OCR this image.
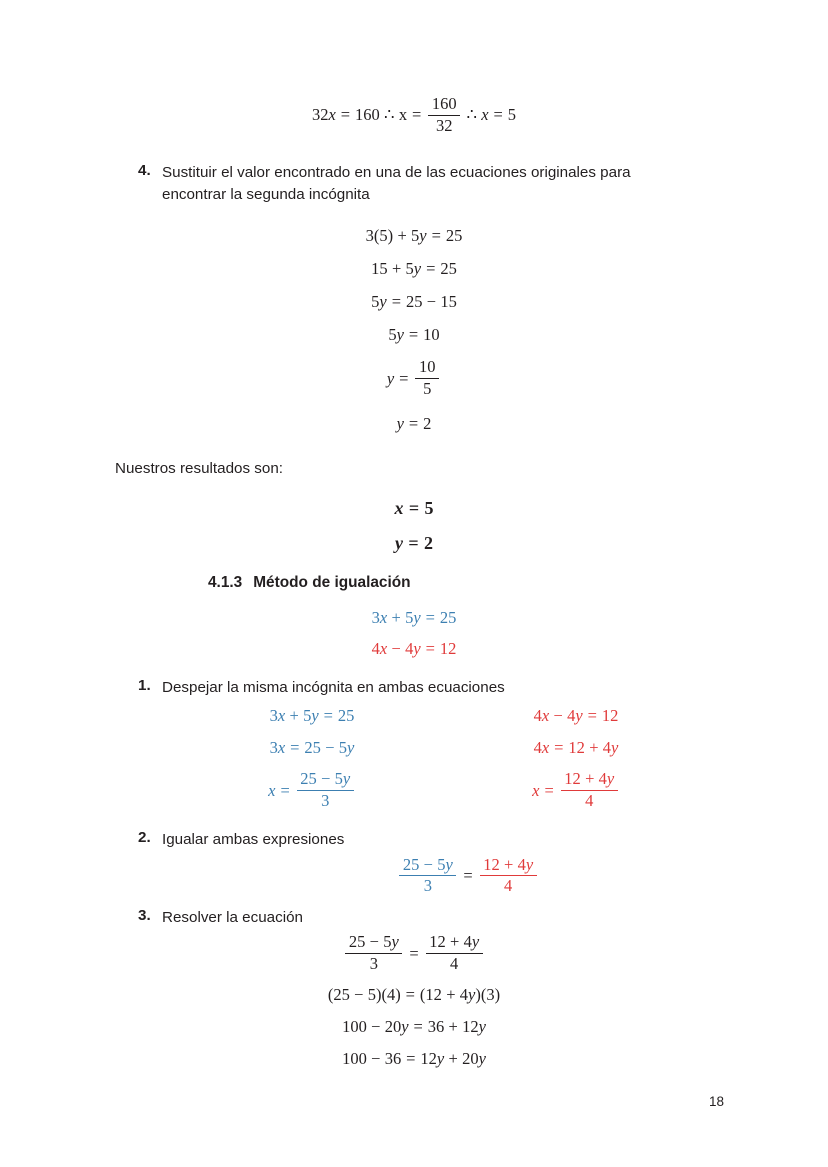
32 x = 160 ∴ $x = \frac{160}{32}$ ∴ x = 5
4. Sustituir el valor encontrado en una de las ecuaciones originales para encontrar la segunda incógnita
3(5) + 5 y = 25
15 + 5 y = 25
5 y = 25 − 15
5 y = 10
$y = \frac{10}{5}$
y = 2
Nuestros resultados son:
x = 5
y = 2
4.1.3 Método de igualación
3 x + 5 y = 25
4 x − 4 y = 12
1. Despejar la misma incógnita en ambas ecuaciones
3 x + 5 y = 25	4 x − 4 y = 12
3 x = 25 − 5 y	4 x = 12 + 4 y
$x = \frac{25 - 5y}{3}$	$x = \frac{12 + 4y}{4}$
2. Igualar ambas expresiones
$\frac{25 - 5y}{3} = \frac{12 + 4y}{4}$
3. Resolver la ecuación
$\frac{25 - 5y}{3} = \frac{12 + 4y}{4}$
(25 − 5)(4) = (12 + 4 y )(3)
100 − 20 y = 36 + 12 y
100 − 36 = 12 y + 20 y
18
